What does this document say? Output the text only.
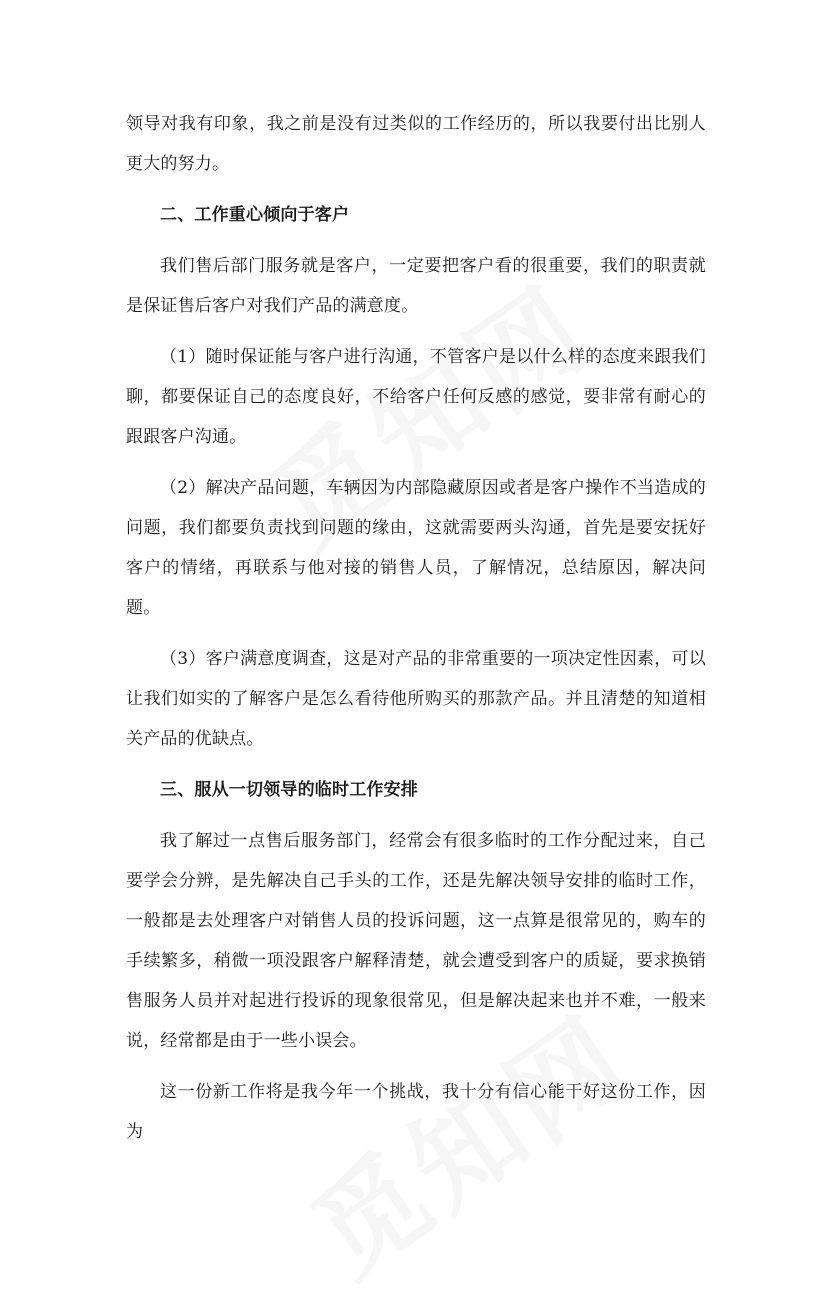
领导对我有印象，我之前是没有过类似的工作经历的，所以我要付出比别人更大的努力。

二、工作重心倾向于客户

我们售后部门服务就是客户，一定要把客户看的很重要，我们的职责就是保证售后客户对我们产品的满意度。

（1）随时保证能与客户进行沟通，不管客户是以什么样的态度来跟我们聊，都要保证自己的态度良好，不给客户任何反感的感觉，要非常有耐心的跟跟客户沟通。

（2）解决产品问题，车辆因为内部隐藏原因或者是客户操作不当造成的问题，我们都要负责找到问题的缘由，这就需要两头沟通，首先是要安抚好客户的情绪，再联系与他对接的销售人员，了解情况，总结原因，解决问题。

（3）客户满意度调查，这是对产品的非常重要的一项决定性因素，可以让我们如实的了解客户是怎么看待他所购买的那款产品。并且清楚的知道相关产品的优缺点。

三、服从一切领导的临时工作安排

我了解过一点售后服务部门，经常会有很多临时的工作分配过来，自己要学会分辨，是先解决自己手头的工作，还是先解决领导安排的临时工作，一般都是去处理客户对销售人员的投诉问题，这一点算是很常见的，购车的手续繁多，稍微一项没跟客户解释清楚，就会遭受到客户的质疑，要求换销售服务人员并对起进行投诉的现象很常见，但是解决起来也并不难，一般来说，经常都是由于一些小误会。

这一份新工作将是我今年一个挑战，我十分有信心能干好这份工作，因为
